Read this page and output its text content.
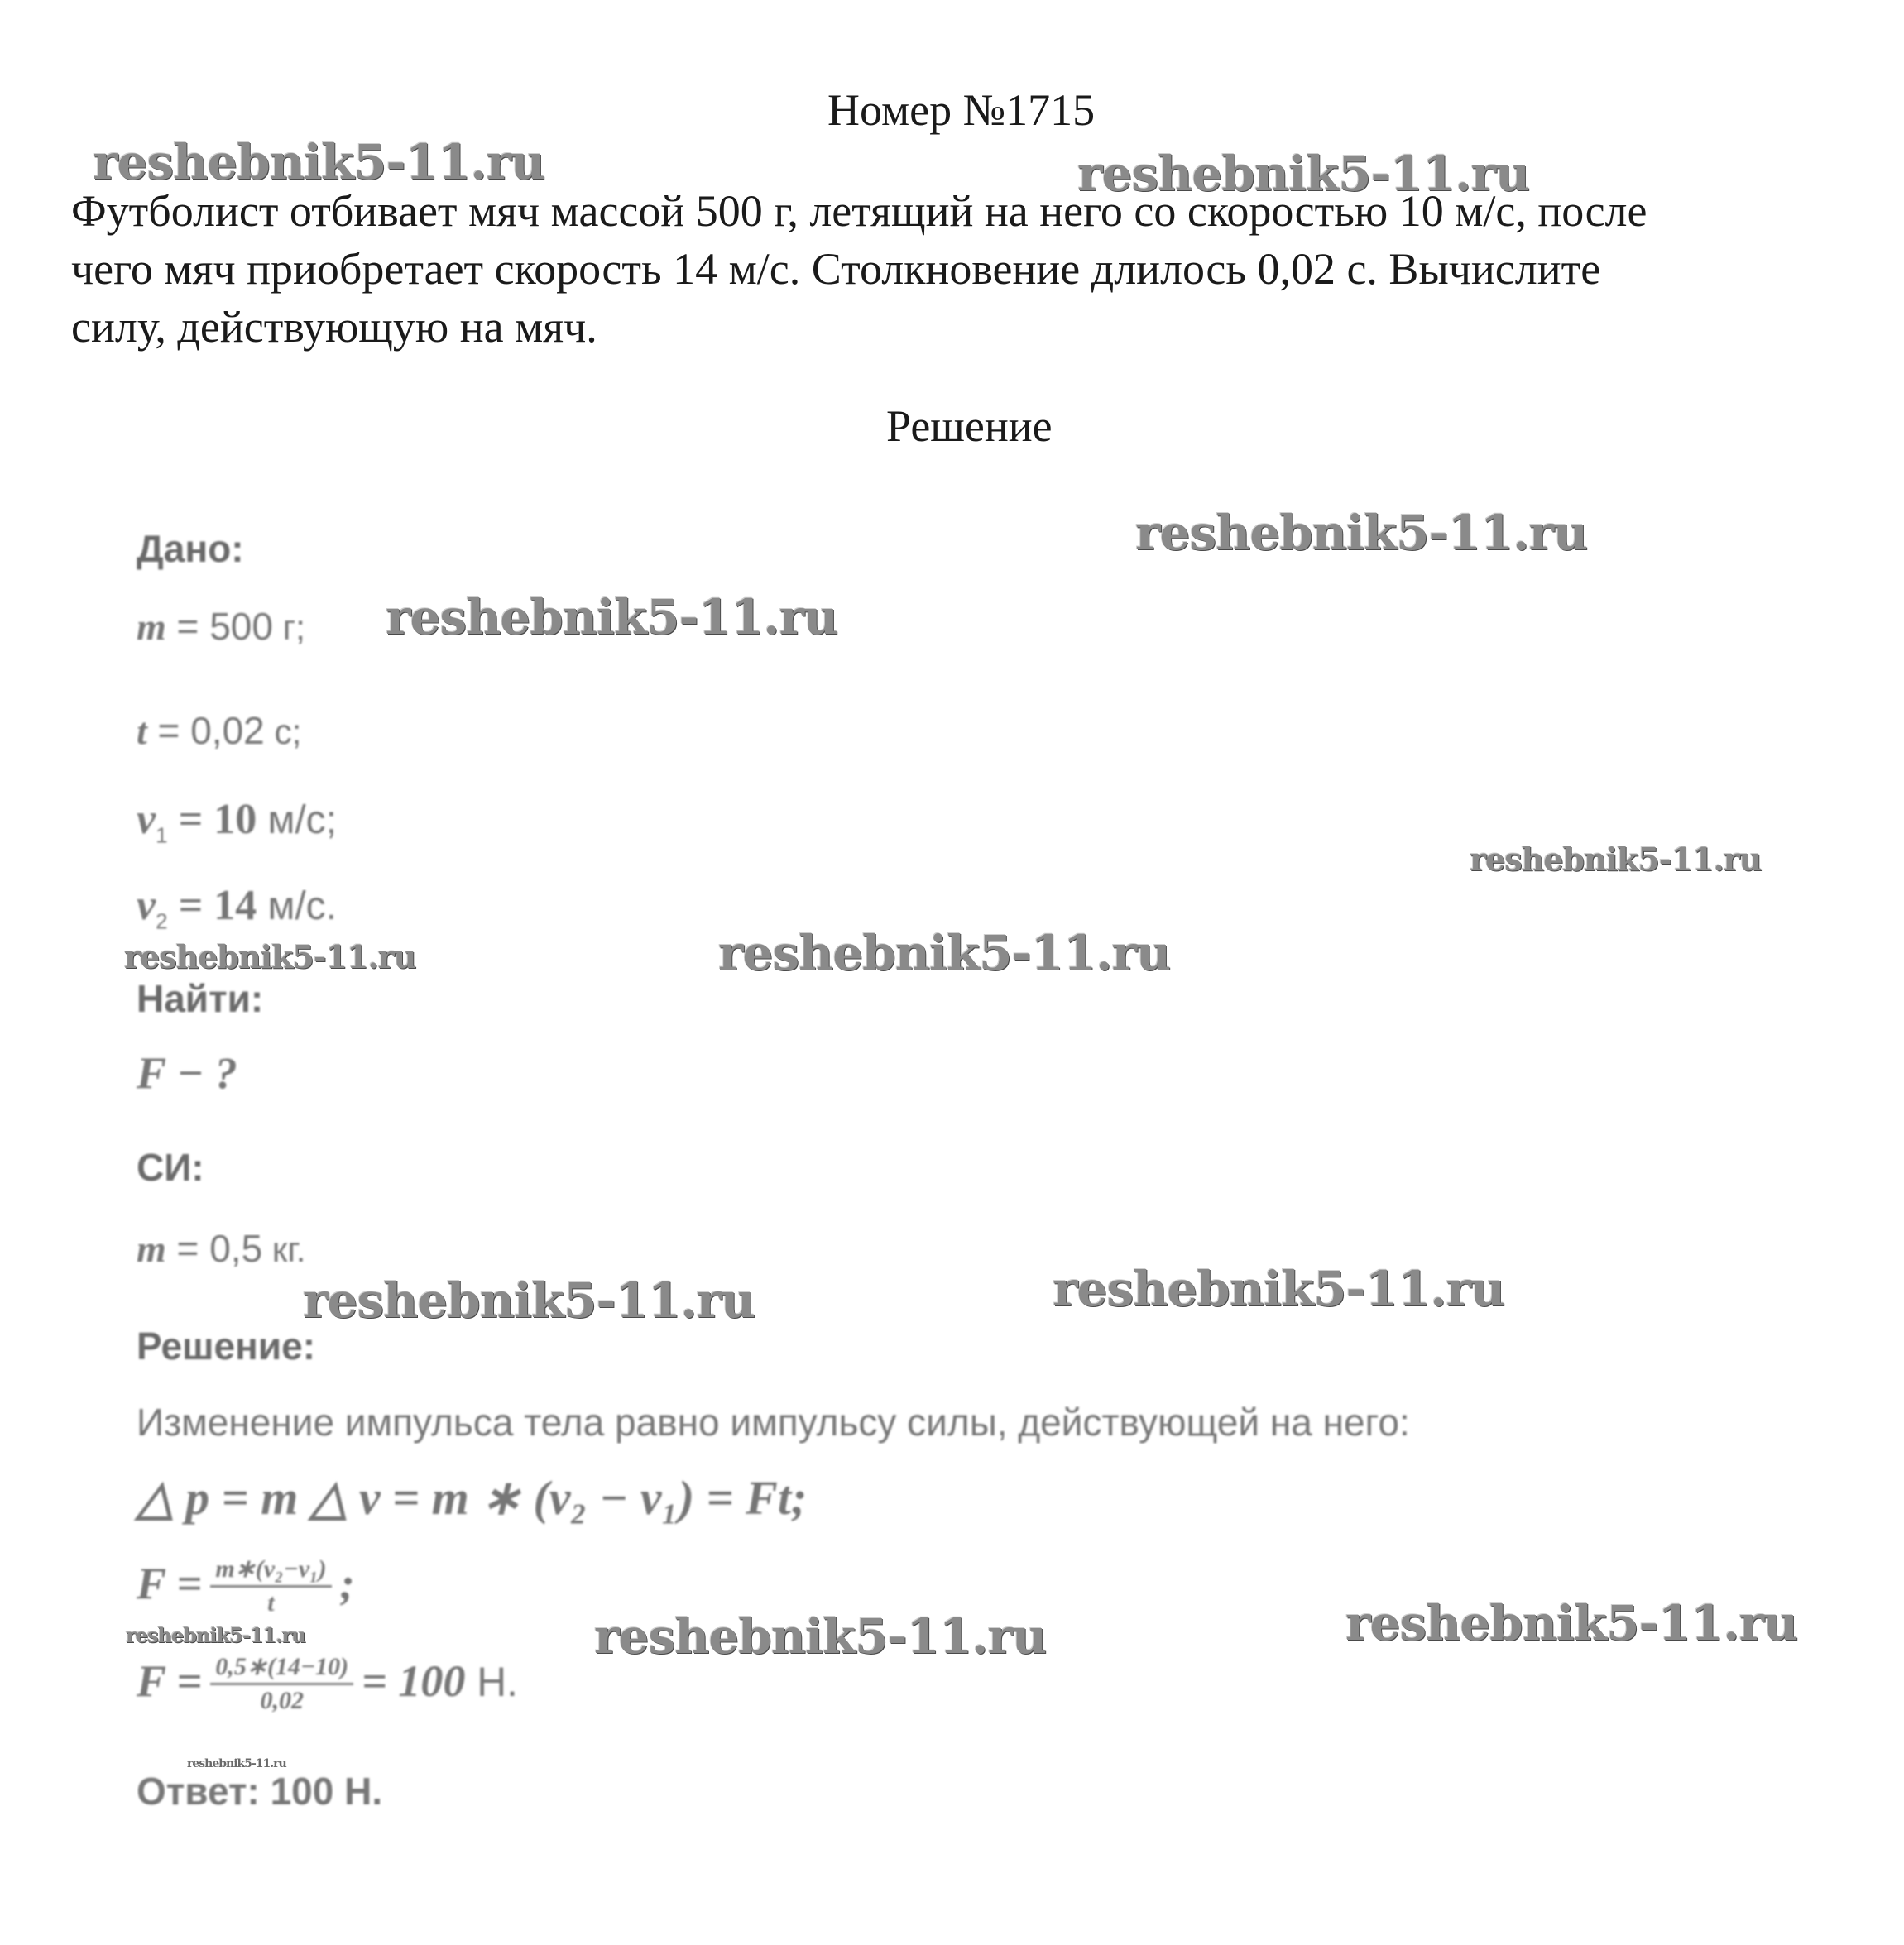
Номер №1715
Футболист отбивает мяч массой 500 г, летящий на него со скоростью 10 м/с, после
чего мяч приобретает скорость 14 м/с. Столкновение длилось 0,02 с. Вычислите
силу, действующую на мяч.
Решение
Дано:
m = 500 г;
t = 0,02 с;
$v_1 = 10$ м/с;
$v_2 = 14$ м/с.
Найти:
F − ?
СИ:
m = 0,5 кг.
Решение:
Изменение импульса тела равно импульсу силы, действующей на него:
△ p = m △ v = m ∗ (v₂ − v₁) = Ft;
$F = \frac{\text{m∗(v₂−v₁)}}{t}$ ;
$F = \frac{0,5∗(14-10)}{0,02} = 100$ Н.
Ответ: 100 Н.
reshebnik5-11.ru	reshebnik5-11.ru
reshebnik5-11.ru
reshebnik5-11.ru
reshebnik5-11.ru
reshebnik5-11.ru	reshebnik5-11.ru
reshebnik5-11.ru
reshebnik5-11.ru
reshebnik5-11.ru	reshebnik5-11.ru	reshebnik5-11.ru
reshebnik5-11.ru
